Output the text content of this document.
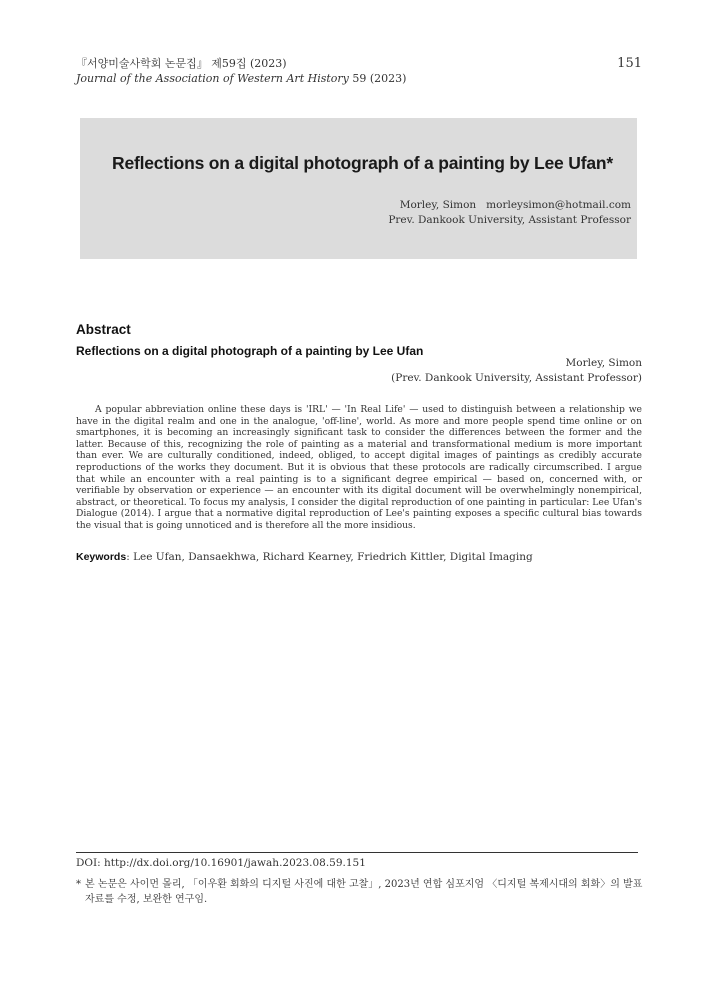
『서양미술사학회 논문집』 제59집 (2023)
Journal of the Association of Western Art History 59 (2023)
151
Reflections on a digital photograph of a painting by Lee Ufan*
Morley, Simon morleysimon@hotmail.com
Prev. Dankook University, Assistant Professor
Abstract
Reflections on a digital photograph of a painting by Lee Ufan
Morley, Simon
(Prev. Dankook University, Assistant Professor)

A popular abbreviation online these days is 'IRL' — 'In Real Life' — used to distinguish between a relationship we have in the digital realm and one in the analogue, 'off-line', world. As more and more people spend time online or on smartphones, it is becoming an increasingly significant task to consider the differences between the former and the latter. Because of this, recognizing the role of painting as a material and transformational medium is more important than ever. We are culturally conditioned, indeed, obliged, to accept digital images of paintings as credibly accurate reproductions of the works they document. But it is obvious that these protocols are radically circumscribed. I argue that while an encounter with a real painting is to a significant degree empirical — based on, concerned with, or verifiable by observation or experience — an encounter with its digital document will be overwhelmingly nonempirical, abstract, or theoretical. To focus my analysis, I consider the digital reproduction of one painting in particular: Lee Ufan's Dialogue (2014). I argue that a normative digital reproduction of Lee's painting exposes a specific cultural bias towards the visual that is going unnoticed and is therefore all the more insidious.

Keywords: Lee Ufan, Dansaekhwa, Richard Kearney, Friedrich Kittler, Digital Imaging
DOI: http://dx.doi.org/10.16901/jawah.2023.08.59.151
* 본 논문은 사이먼 몰리, 「이우환 회화의 디지털 사진에 대한 고찰」, 2023년 연합 심포지엄 〈디지털 복제시대의 회화〉의 발표
자료를 수정, 보완한 연구임.
